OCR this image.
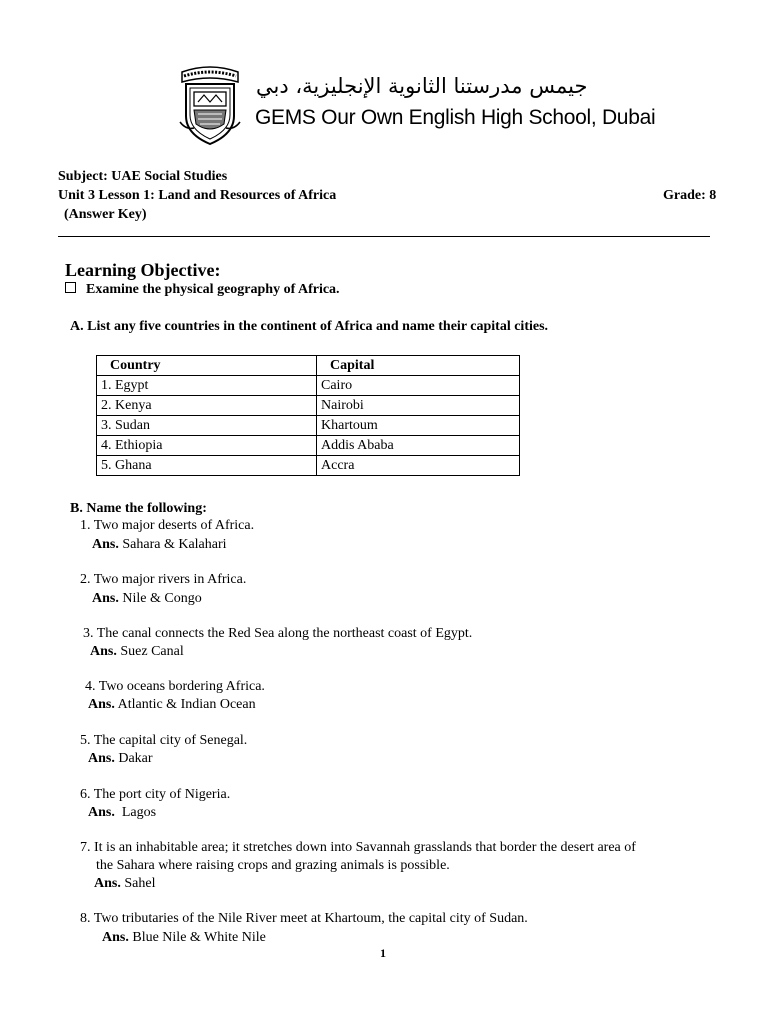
جيمس مدرستنا الثانوية الإنجليزية، دبي
GEMS Our Own English High School, Dubai
Subject: UAE Social Studies
Unit 3 Lesson 1: Land and Resources of Africa	Grade: 8
(Answer Key)
Learning Objective:
Examine the physical geography of Africa.
A. List any five countries in the continent of Africa and name their capital cities.
Country	Capital
1. Egypt	Cairo
2. Kenya	Nairobi
3. Sudan	Khartoum
4. Ethiopia	Addis Ababa
5. Ghana	Accra
B. Name the following:
1. Two major deserts of Africa.
Ans. Sahara & Kalahari
2. Two major rivers in Africa.
Ans. Nile & Congo
3. The canal connects the Red Sea along the northeast coast of Egypt.
Ans. Suez Canal
4. Two oceans bordering Africa.
Ans. Atlantic & Indian Ocean
5. The capital city of Senegal.
Ans. Dakar
6. The port city of Nigeria.
Ans.  Lagos
7. It is an inhabitable area; it stretches down into Savannah grasslands that border the desert area of
the Sahara where raising crops and grazing animals is possible.
Ans. Sahel
8. Two tributaries of the Nile River meet at Khartoum, the capital city of Sudan.
Ans. Blue Nile & White Nile
1
